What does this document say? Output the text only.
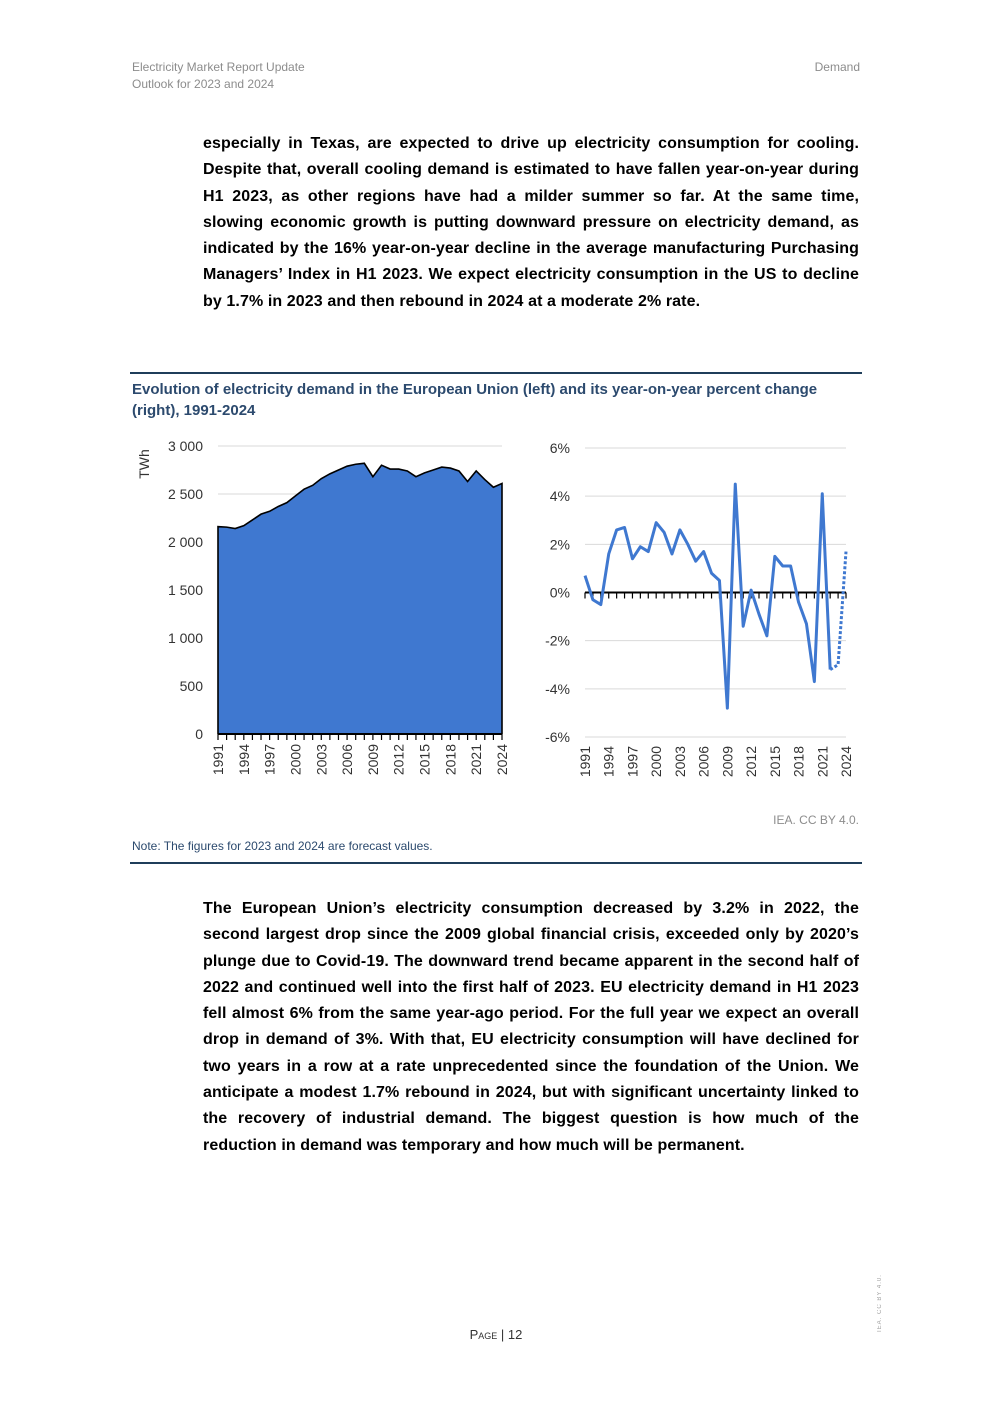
Electricity Market Report Update
Outlook for 2023 and 2024
Demand
especially in Texas, are expected to drive up electricity consumption for cooling. Despite that, overall cooling demand is estimated to have fallen year-on-year during H1 2023, as other regions have had a milder summer so far. At the same time, slowing economic growth is putting downward pressure on electricity demand, as indicated by the 16% year-on-year decline in the average manufacturing Purchasing Managers’ Index in H1 2023. We expect electricity consumption in the US to decline by 1.7% in 2023 and then rebound in 2024 at a moderate 2% rate.
Evolution of electricity demand in the European Union (left) and its year-on-year percent change (right), 1991-2024
0
500
1 000
1 500
2 000
2 500
3 000
1991 1994 1997 2000 2003 2006 2009 2012 2015 2018 2021 2024
TWh
-6%
-4%
-2%
0%
2%
4%
6%
1991 1994 1997 2000 2003 2006 2009 2012 2015 2018 2021 2024
IEA. CC BY 4.0.
Note: The figures for 2023 and 2024 are forecast values.
The European Union’s electricity consumption decreased by 3.2% in 2022, the second largest drop since the 2009 global financial crisis, exceeded only by 2020’s plunge due to Covid-19. The downward trend became apparent in the second half of 2022 and continued well into the first half of 2023. EU electricity demand in H1 2023 fell almost 6% from the same year-ago period. For the full year we expect an overall drop in demand of 3%. With that, EU electricity consumption will have declined for two years in a row at a rate unprecedented since the foundation of the Union. We anticipate a modest 1.7% rebound in 2024, but with significant uncertainty linked to the recovery of industrial demand. The biggest question is how much of the reduction in demand was temporary and how much will be permanent.
Page | 12
IEA. CC BY 4.0.
